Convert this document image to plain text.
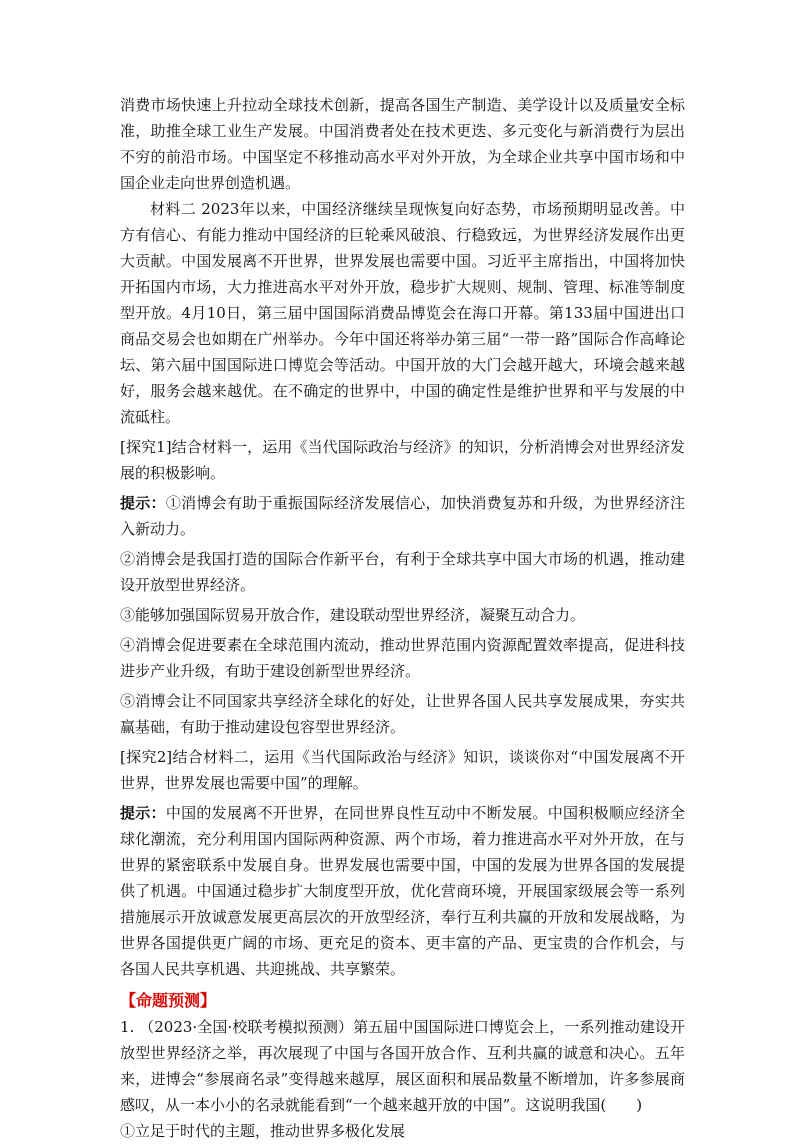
消费市场快速上升拉动全球技术创新，提高各国生产制造、美学设计以及质量安全标准，助推全球工业生产发展。中国消费者处在技术更迭、多元变化与新消费行为层出不穷的前沿市场。中国坚定不移推动高水平对外开放，为全球企业共享中国市场和中国企业走向世界创造机遇。

材料二 2023年以来，中国经济继续呈现恢复向好态势，市场预期明显改善。中方有信心、有能力推动中国经济的巨轮乘风破浪、行稳致远，为世界经济发展作出更大贡献。中国发展离不开世界，世界发展也需要中国。习近平主席指出，中国将加快开拓国内市场，大力推进高水平对外开放，稳步扩大规则、规制、管理、标准等制度型开放。4月10日，第三届中国国际消费品博览会在海口开幕。第133届中国进出口商品交易会也如期在广州举办。今年中国还将举办第三届“一带一路”国际合作高峰论坛、第六届中国国际进口博览会等活动。中国开放的大门会越开越大，环境会越来越好，服务会越来越优。在不确定的世界中，中国的确定性是维护世界和平与发展的中流砥柱。

[探究1]结合材料一，运用《当代国际政治与经济》的知识，分析消博会对世界经济发展的积极影响。

提示：①消博会有助于重振国际经济发展信心，加快消费复苏和升级，为世界经济注入新动力。

②消博会是我国打造的国际合作新平台，有利于全球共享中国大市场的机遇，推动建设开放型世界经济。

③能够加强国际贸易开放合作，建设联动型世界经济，凝聚互动合力。

④消博会促进要素在全球范围内流动，推动世界范围内资源配置效率提高，促进科技进步产业升级，有助于建设创新型世界经济。

⑤消博会让不同国家共享经济全球化的好处，让世界各国人民共享发展成果，夯实共赢基础，有助于推动建设包容型世界经济。

[探究2]结合材料二，运用《当代国际政治与经济》知识，谈谈你对“中国发展离不开世界，世界发展也需要中国”的理解。

提示：中国的发展离不开世界，在同世界良性互动中不断发展。中国积极顺应经济全球化潮流，充分利用国内国际两种资源、两个市场，着力推进高水平对外开放，在与世界的紧密联系中发展自身。世界发展也需要中国，中国的发展为世界各国的发展提供了机遇。中国通过稳步扩大制度型开放，优化营商环境，开展国家级展会等一系列措施展示开放诚意发展更高层次的开放型经济，奉行互利共赢的开放和发展战略，为世界各国提供更广阔的市场、更充足的资本、更丰富的产品、更宝贵的合作机会，与各国人民共享机遇、共迎挑战、共享繁荣。

【命题预测】

1. （2023·全国·校联考模拟预测）第五届中国国际进口博览会上，一系列推动建设开放型世界经济之举，再次展现了中国与各国开放合作、互利共赢的诚意和决心。五年来，进博会“参展商名录”变得越来越厚，展区面积和展品数量不断增加，许多参展商感叹，从一本小小的名录就能看到“一个越来越开放的中国”。这说明我国(　　)

①立足于时代的主题，推动世界多极化发展
